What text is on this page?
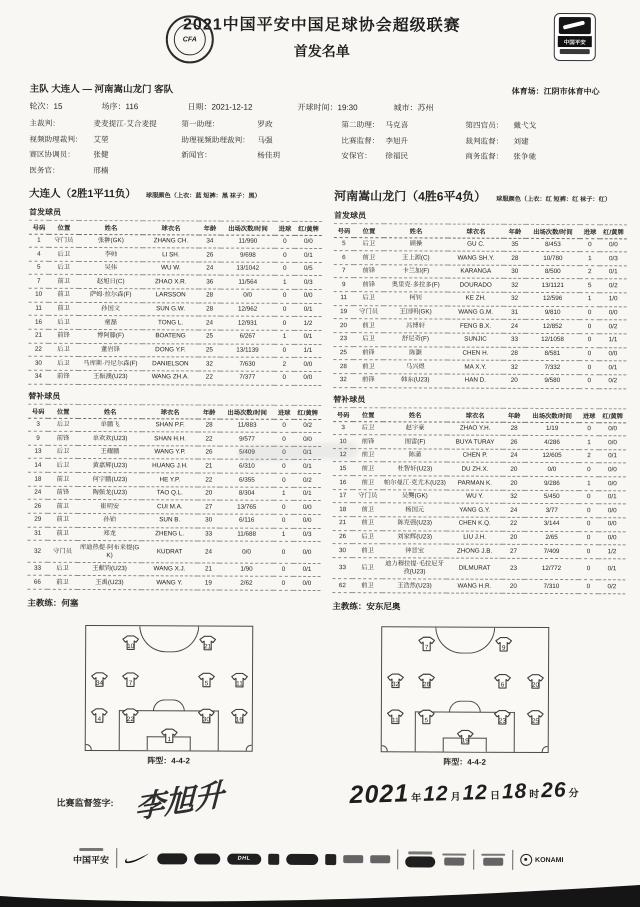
CFA
2021中国平安中国足球协会超级联赛
首发名单
中国平安
主队 大连人 — 河南嵩山龙门 客队	体育场：江阴市体育中心
轮次：15	场序：116	日期：2021-12-12	开球时间：19:30	城市：苏州
主裁判：	麦麦提江·艾合麦提	第一助理：	罗政	第二助理： 马克喜	第四官员： 戴弋戈
视频助理裁判： 艾堃	助理视频助理裁判： 马强	比赛监督： 李旭升	裁判监督： 刘建
赛区协调员： 张健	新闻官：	杨佳玥	安保官： 徐福民	商务监督： 张争驰
医务官：	邢楠
大连人（2胜1平11负） 球服颜色（上衣：蓝 短裤：黑 袜子：黑）
首发球员
号码	位置	姓名	球衣名	年龄	出场次数/时间	进球	红/黄牌
1	守门员	张翀(GK)	ZHANG CH.	34	11/990	0	0/0
4	后卫	李帅	LI SH.	26	9/698	0	0/1
5	后卫	吴伟	WU W.	24	13/1042	0	0/5
7	前卫	赵旭日(C)	ZHAO X.R.	36	11/564	1	0/3
10	前卫	萨姆·拉尔森(F)	LARSSON	28	0/0	0	0/0
11	前卫	孙国文	SUN G.W.	28	12/962	0	0/1
16	后卫	童磊	TONG L.	24	12/931	0	1/2
21	前锋	博阿滕(F)	BOATENG	25	6/267	1	0/1
22	后卫	董岩锋	DONG Y.F.	25	13/1139	0	1/1
30	后卫	马库斯·丹尼尔森(F)	DANIELSON	32	7/630	2	0/0
34	前锋	王振澳(U23)	WANG ZH.A.	22	7/377	0	0/0
替补球员
号码	位置	姓名	球衣名	年龄	出场次数/时间	进球	红/黄牌
3	后卫	单鹏飞	SHAN P.F.	28	11/883	0	0/2
9	前锋	单欢欢(U23)	SHAN H.H.	22	9/577	0	0/0
13	后卫	王耀鹏	WANG Y.P.	26	5/409	0	0/1
14	后卫	黄嘉辉(U23)	HUANG J.H.	21	6/310	0	0/1
18	前卫	何宇鹏(U23)	HE Y.P.	22	6/355	0	0/2
24	前锋	陶强龙(U23)	TAO Q.L.	20	8/304	1	0/1
26	前卫	崔明安	CUI M.A.	27	13/765	0	0/0
29	前卫	孙铂	SUN B.	30	6/116	0	0/0
31	前卫	郑龙	ZHENG L.	33	11/688	1	0/3
32	守门员	库迪热提·阿布来提(GK)	KUDRAT	24	0/0	0	0/0
33	后卫	王献钧(U23)	WANG X.J.	21	1/90	0	0/1
66	前卫	王禹(U23)	WANG Y.	19	2/62	0	0/0
主教练：何塞
河南嵩山龙门（4胜6平4负） 球服颜色（上衣：红 短裤：红 袜子：红）
首发球员
号码	位置	姓名	球衣名	年龄	出场次数/时间	进球	红/黄牌
5	后卫	顾操	GU C.	35	8/453	0	0/0
6	前卫	王上源(C)	WANG SH.Y.	28	10/780	1	0/3
7	前锋	卡兰加(F)	KARANGA	30	8/500	2	0/1
9	前锋	奥里克·多拉多(F)	DOURADO	32	13/1121	5	0/2
11	后卫	柯钊	KE ZH.	32	12/596	1	1/0
19	守门员	王国明(GK)	WANG G.M.	31	9/810	0	0/0
20	前卫	冯博轩	FENG B.X.	24	12/852	0	0/2
23	后卫	舒尼奇(F)	SUNJIC	33	12/1058	0	1/1
25	前锋	陈灏	CHEN H.	28	8/581	0	0/0
28	前卫	马兴煜	MA X.Y.	32	7/332	0	0/1
32	前锋	韩东(U23)	HAN D.	20	9/580	0	0/2
替补球员
号码	位置	姓名	球衣名	年龄	出场次数/时间	进球	红/黄牌
3	后卫	赵宇豪	ZHAO Y.H.	28	1/19	0	0/0
10	前锋	图雷(F)	BUYA TURAY	26	4/286	1	0/0
12	前卫	陈蒲	CHEN P.	24	12/605	2	0/1
15	前卫	杜智轩(U23)	DU ZH.X.	20	0/0	0	0/0
16	前卫	帕尔曼江·克尤木(U23)	PARMAN K.	20	9/286	1	0/0
17	守门员	吴龑(GK)	WU Y.	32	5/450	0	0/1
18	前卫	杨国元	YANG G.Y.	24	3/77	0	0/0
21	前卫	陈克强(U23)	CHEN K.Q.	22	3/144	0	0/0
26	后卫	刘家辉(U23)	LIU J.H.	20	2/65	0	0/0
30	前卫	钟晋宝	ZHONG J.B.	27	7/409	0	1/2
33	后卫	迪力穆拉提·毛拉尼牙孜(U23)	DILMURAT	23	12/772	0	0/1
62	前卫	王浩然(U23)	WANG H.R.	20	7/310	0	0/2
主教练：安东尼奥
10	21
34	7	5	11
4	22	30	16
1
阵型：4-4-2
7	9
32	28	6	20
11	5	23	25
19
阵型：4-4-2
比赛监督签字: 李旭升	2021 年 12 月 12 日 18 时 26 分
中国平安	DHL	KONAMI
